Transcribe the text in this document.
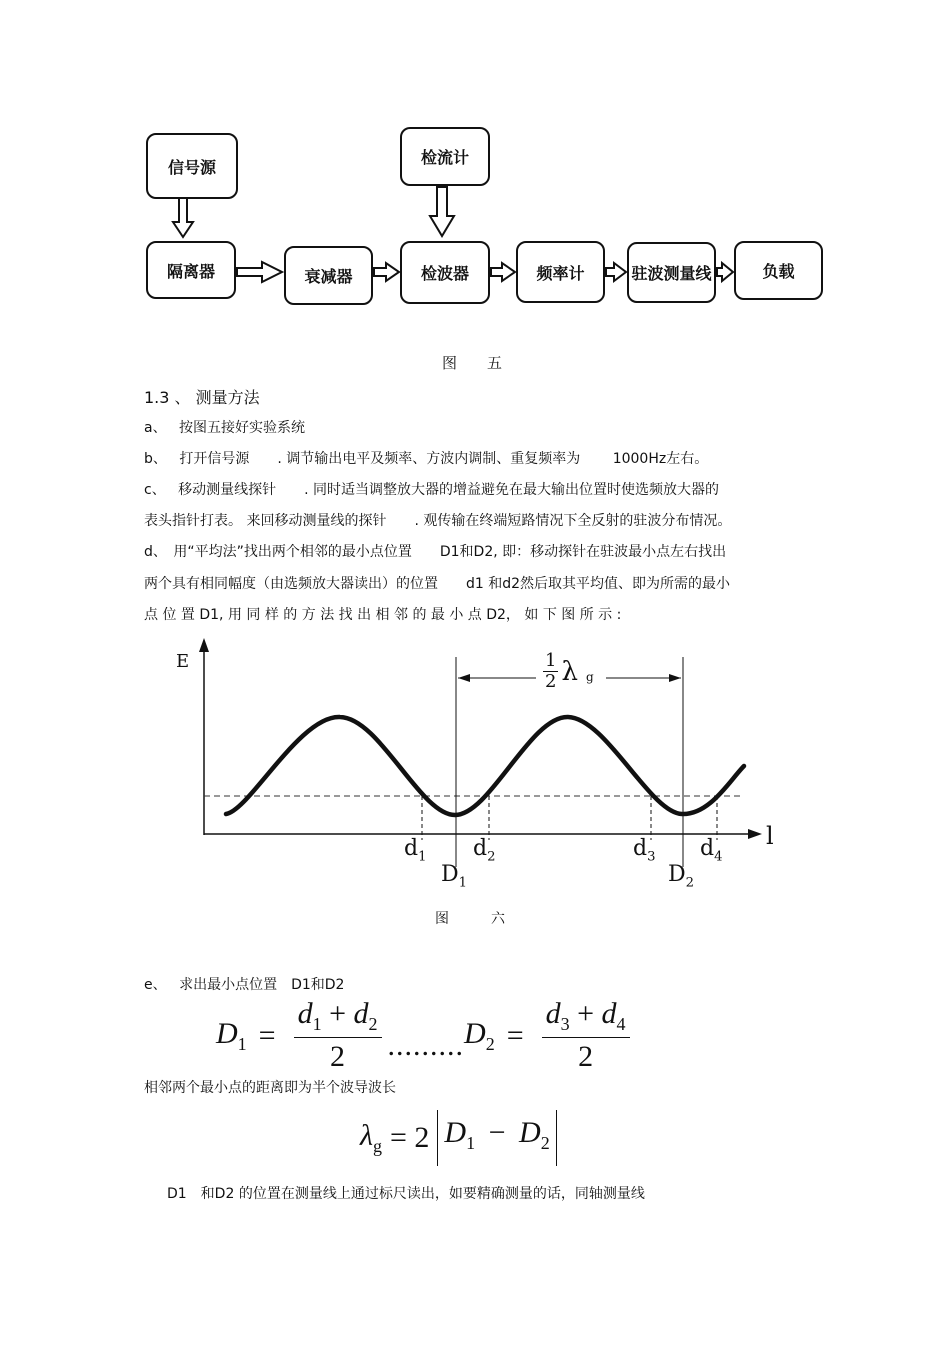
信号源	检流计
隔离器	衰减器	检波器	频率计	驻波测量线	负载
图　　五
1.3 、 测量方法
a、 按图五接好实验系统
b、 打开信号源　　. 调节输出电平及频率、方波内调制、重复频率为　　 1000Hz左右。
c、 移动测量线探针　　. 同时适当调整放大器的增益避免在最大输出位置时使选频放大器的
表头指针打表。 来回移动测量线的探针　　. 观传输在终端短路情况下全反射的驻波分布情况。
d、 用“平均法”找出两个相邻的最小点位置　　D1和D2, 即：移动探针在驻波最小点左右找出
两个具有相同幅度（由选频放大器读出）的位置　　d1 和d2然后取其平均值、即为所需的最小
点 位 置 D1, 用 同 样 的 方 法 找 出 相 邻 的 最 小 点 D2， 如 下 图 所 示 :
E
l
1
2 λ g
$d_1$ $d_2$	$d_3$ $d_4$
$D_1$	$D_2$
图　　　六
e、 求出最小点位置　D1和D2
$D_1 = \frac{d_1 + d_2}{2}$ ......... $D_2 = \frac{d_3 + d_4}{2}$
相邻两个最小点的距离即为半个波导波长
$\lambda_g = 2$ $D_1 - D_2$
D1　和D2 的位置在测量线上通过标尺读出，如要精确测量的话，同轴测量线
